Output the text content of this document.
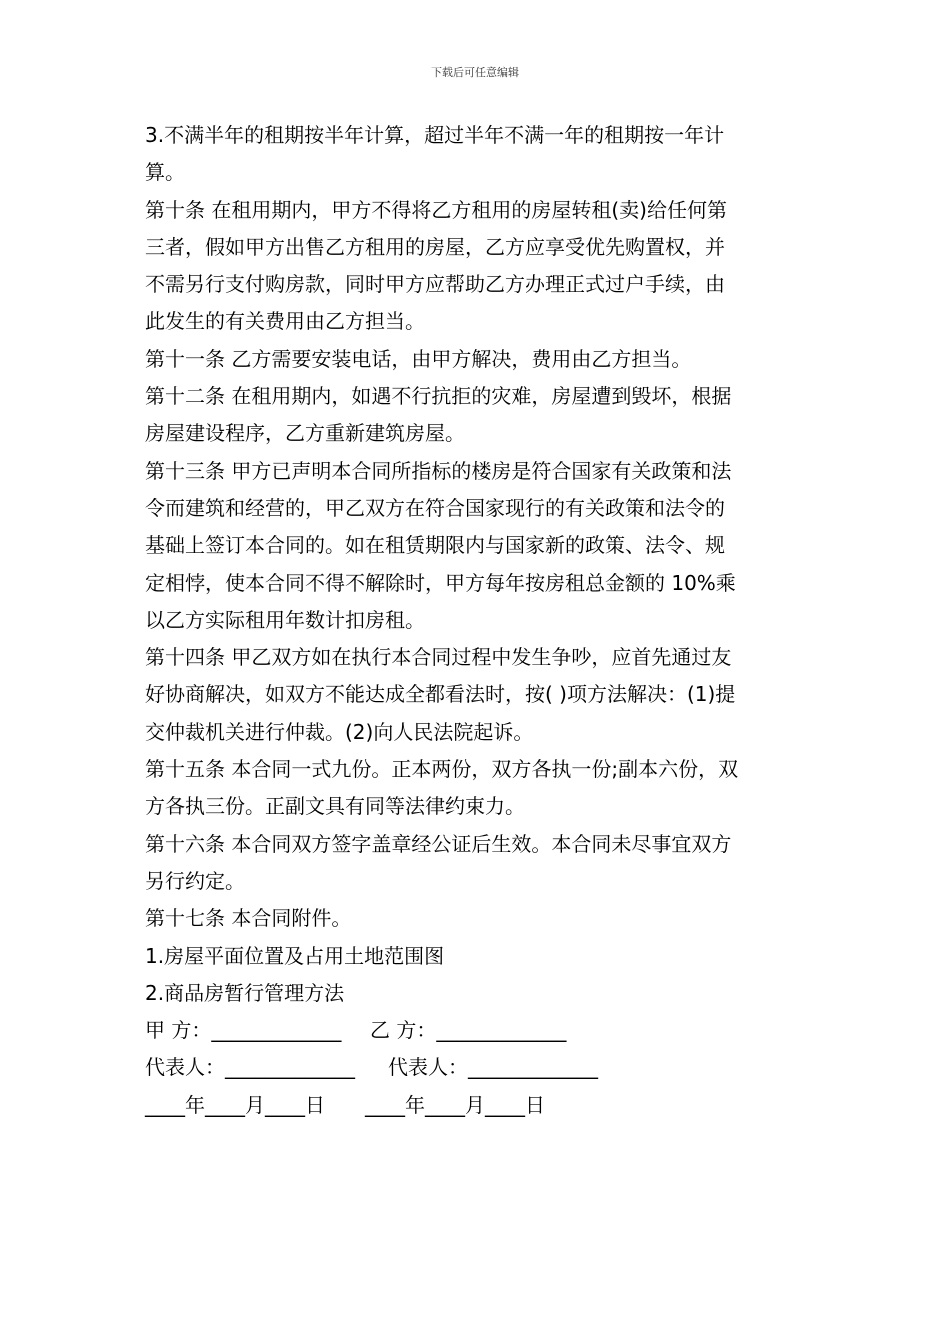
下载后可任意编辑
3.不满半年的租期按半年计算，超过半年不满一年的租期按一年计
算。
第十条 在租用期内，甲方不得将乙方租用的房屋转租(卖)给任何第
三者，假如甲方出售乙方租用的房屋，乙方应享受优先购置权，并
不需另行支付购房款，同时甲方应帮助乙方办理正式过户手续，由
此发生的有关费用由乙方担当。
第十一条 乙方需要安装电话，由甲方解决，费用由乙方担当。
第十二条 在租用期内，如遇不行抗拒的灾难，房屋遭到毁坏，根据
房屋建设程序，乙方重新建筑房屋。
第十三条 甲方已声明本合同所指标的楼房是符合国家有关政策和法
令而建筑和经营的，甲乙双方在符合国家现行的有关政策和法令的
基础上签订本合同的。如在租赁期限内与国家新的政策、法令、规
定相悖，使本合同不得不解除时，甲方每年按房租总金额的 10%乘
以乙方实际租用年数计扣房租。
第十四条 甲乙双方如在执行本合同过程中发生争吵，应首先通过友
好协商解决，如双方不能达成全都看法时，按( )项方法解决：(1)提
交仲裁机关进行仲裁。(2)向人民法院起诉。
第十五条 本合同一式九份。正本两份，双方各执一份;副本六份，双
方各执三份。正副文具有同等法律约束力。
第十六条 本合同双方签字盖章经公证后生效。本合同未尽事宜双方
另行约定。
第十七条 本合同附件。
1.房屋平面位置及占用土地范围图
2.商品房暂行管理方法
甲 方：_____________	乙 方：_____________
代表人：_____________	代表人：_____________
____年____月____日	____年____月____日
